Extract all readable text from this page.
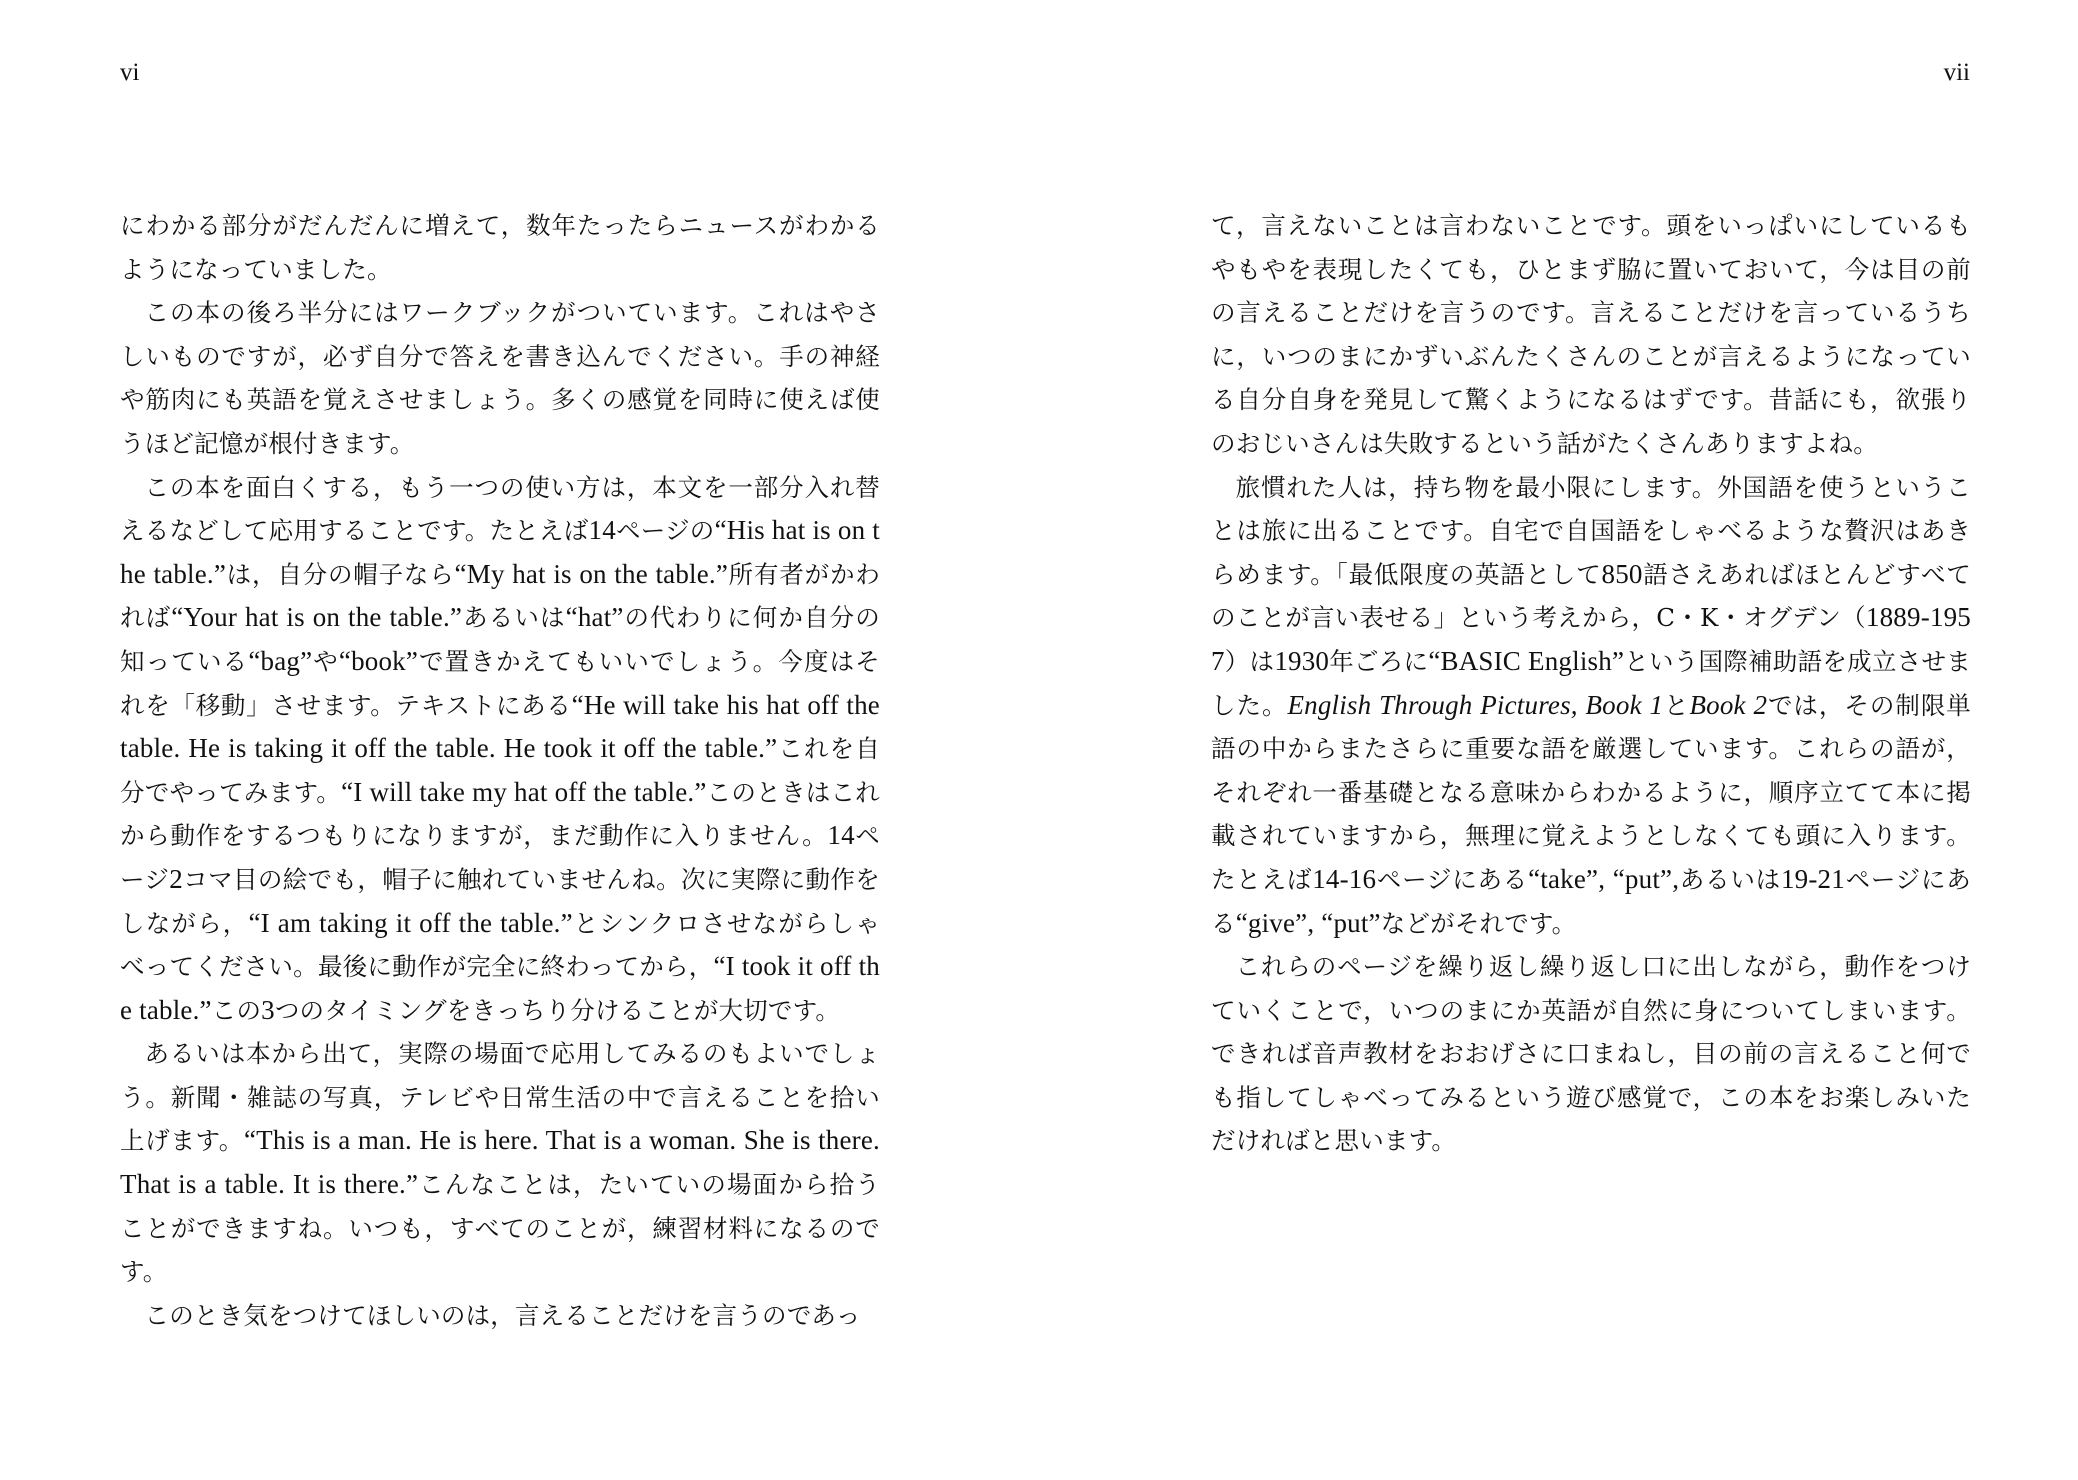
vi

にわかる部分がだんだんに増えて，数年たったらニュースがわかるようになっていました。

この本の後ろ半分にはワークブックがついています。これはやさしいものですが，必ず自分で答えを書き込んでください。手の神経や筋肉にも英語を覚えさせましょう。多くの感覚を同時に使えば使うほど記憶が根付きます。

この本を面白くする，もう一つの使い方は，本文を一部分入れ替えるなどして応用することです。たとえば14ページの“His hat is on the table.”は，自分の帽子なら“My hat is on the table.”所有者がかわれば“Your hat is on the table.”あるいは“hat”の代わりに何か自分の知っている“bag”や“book”で置きかえてもいいでしょう。今度はそれを「移動」させます。テキストにある“He will take his hat off the table. He is taking it off the table. He took it off the table.”これを自分でやってみます。“I will take my hat off the table.”このときはこれから動作をするつもりになりますが，まだ動作に入りません。14ページ2コマ目の絵でも，帽子に触れていませんね。次に実際に動作をしながら，“I am taking it off the table.”とシンクロさせながらしゃべってください。最後に動作が完全に終わってから，“I took it off the table.”この3つのタイミングをきっちり分けることが大切です。

あるいは本から出て，実際の場面で応用してみるのもよいでしょう。新聞・雑誌の写真，テレビや日常生活の中で言えることを拾い上げます。“This is a man. He is here. That is a woman. She is there. That is a table. It is there.”こんなことは，たいていの場面から拾うことができますね。いつも，すべてのことが，練習材料になるのです。

このとき気をつけてほしいのは，言えることだけを言うのであっ

vii

て，言えないことは言わないことです。頭をいっぱいにしているもやもやを表現したくても，ひとまず脇に置いておいて，今は目の前の言えることだけを言うのです。言えることだけを言っているうちに，いつのまにかずいぶんたくさんのことが言えるようになっている自分自身を発見して驚くようになるはずです。昔話にも，欲張りのおじいさんは失敗するという話がたくさんありますよね。

旅慣れた人は，持ち物を最小限にします。外国語を使うということは旅に出ることです。自宅で自国語をしゃべるような贅沢はあきらめます。「最低限度の英語として850語さえあればほとんどすべてのことが言い表せる」という考えから，C・K・オグデン（1889-1957）は1930年ごろに“BASIC English”という国際補助語を成立させました。English Through Pictures, Book 1とBook 2では，その制限単語の中からまたさらに重要な語を厳選しています。これらの語が，それぞれ一番基礎となる意味からわかるように，順序立てて本に掲載されていますから，無理に覚えようとしなくても頭に入ります。たとえば14-16ページにある“take”, “put”,あるいは19-21ページにある“give”, “put”などがそれです。

これらのページを繰り返し繰り返し口に出しながら，動作をつけていくことで，いつのまにか英語が自然に身についてしまいます。できれば音声教材をおおげさに口まねし，目の前の言えること何でも指してしゃべってみるという遊び感覚で，この本をお楽しみいただければと思います。
